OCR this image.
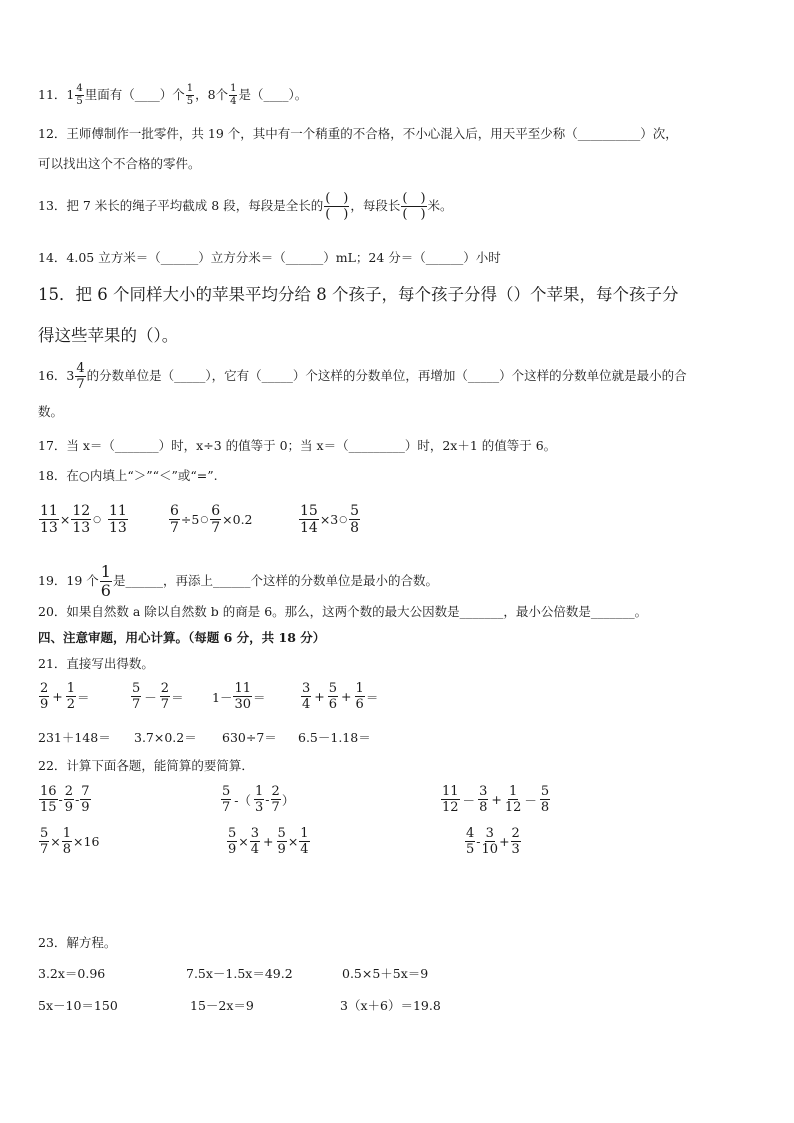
11． $1 \frac{4}{5}$ 里面有（____）个 $\frac{1}{5}$ ，8个 $\frac{1}{4}$ 是（____）。
12．王师傅制作一批零件，共 19 个，其中有一个稍重的不合格，不小心混入后，用天平至少称（__________）次，
可以找出这个不合格的零件。
13．把 7 米长的绳子平均截成 8 段，每段是全长的 $\frac{( )}{( )}$ ，每段长 $\frac{( )}{( )}$ 米。
14．4.05 立方米＝（______）立方分米＝（______）mL；24 分＝（______）小时
15．把 6 个同样大小的苹果平均分给 8 个孩子，每个孩子分得（）个苹果，每个孩子分
得这些苹果的（）。
16． $3 \frac{4}{7}$ 的分数单位是（_____），它有（_____）个这样的分数单位，再增加（_____）个这样的分数单位就是最小的合
数。
17．当 x＝（_______）时，x÷3 的值等于 0；当 x＝（_________）时，2x＋1 的值等于 6。
18．在○内填上“＞”“＜”或“=”.
$\frac{11}{13} \times \frac{12}{13}$ ○ $\frac{11}{13}$	$\frac{6}{7} \div 5$ ○ $\frac{6}{7} \times 0.2$	$\frac{15}{14} \times 3$ ○ $\frac{5}{8}$
19．19 个 $\frac{1}{6}$ 是______，再添上______个这样的分数单位是最小的合数。
20．如果自然数 a 除以自然数 b 的商是 6。那么，这两个数的最大公因数是_______，最小公倍数是_______。
四、注意审题，用心计算。（每题 6 分，共 18 分）
21．直接写出得数。
$\frac{2}{9} + \frac{1}{2}$ ＝	$\frac{5}{7} - \frac{2}{7} = 1- \frac{11}{30}$ ＝	$\frac{3}{4} + \frac{5}{6} + \frac{1}{6}$ ＝
231＋148＝ 3.7×0.2＝ 630÷7＝ 6.5－1.18＝
22．计算下面各题，能简算的要简算．
$\frac{16}{15} - \frac{2}{9} - \frac{7}{9}$	$\frac{5}{7}$ -（ $\frac{1}{3} - \frac{2}{7}$ ）	$\frac{11}{12} - \frac{3}{8} + \frac{1}{12} - \frac{5}{8}$
$\frac{5}{7} \times \frac{1}{8} \times 16$	$\frac{5}{9} \times \frac{3}{4} + \frac{5}{9} \times \frac{1}{4}$	$\frac{4}{5} - \frac{3}{10} + \frac{2}{3}$
23．解方程。
3.2x＝0.96	7.5x－1.5x＝49.2	0.5×5＋5x＝9
5x－10＝150	15－2x＝9	3（x＋6）＝19.8
